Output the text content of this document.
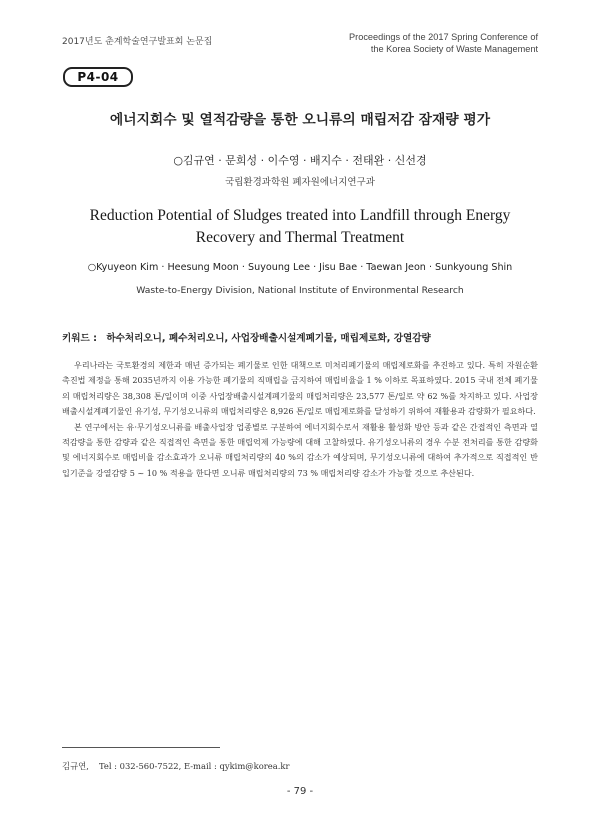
2017년도 춘계학술연구발표회 논문집	Proceedings of the 2017 Spring Conference of
the Korea Society of Waste Management
P4-04
에너지회수 및 열적감량을 통한 오니류의 매립저감 잠재량 평가
○김규연 · 문희성 · 이수영 · 배지수 · 전태완 · 신선경
국립환경과학원 폐자원에너지연구과
Reduction Potential of Sludges treated into Landfill through Energy
Recovery and Thermal Treatment
○Kyuyeon Kim · Heesung Moon · Suyoung Lee · Jisu Bae · Taewan Jeon · Sunkyoung Shin
Waste-to-Energy Division, National Institute of Environmental Research
키워드 : 하수처리오니, 폐수처리오니, 사업장배출시설계폐기물, 매립제로화, 강열감량

우리나라는 국토환경의 제한과 매년 증가되는 폐기물로 인한 대책으로 미처리폐기물의 매립제로화를 추진하고 있다. 특히 자원순환촉진법 제정을 통해 2035년까지 이용 가능한 폐기물의 직매립을 금지하여 매립비율을 1 % 이하로 목표하였다. 2015 국내 전체 폐기물의 매립처리량은 38,308 톤/일이며 이중 사업장배출시설계폐기물의 매립처리량은 23,577 톤/일로 약 62 %를 차지하고 있다. 사업장배출시설계폐기물인 유기성, 무기성오니류의 매립처리량은 8,926 톤/일로 매립제로화를 달성하기 위하여 재활용과 감량화가 필요하다.

본 연구에서는 유·무기성오니류를 배출사업장 업종별로 구분하여 에너지회수로서 재활용 활성화 방안 등과 같은 간접적인 측면과 열적감량을 통한 감량과 같은 직접적인 측면을 통한 매립억제 가능량에 대해 고찰하였다. 유기성오니류의 경우 수분 전처리를 통한 감량화 및 에너지회수로 매립비율 감소효과가 오니류 매립처리량의 40 %의 감소가 예상되며, 무기성오니류에 대하여 추가적으로 직접적인 반입기준을 강열감량 5 ~ 10 % 적용을 한다면 오니류 매립처리량의 73 % 매립처리량 감소가 가능할 것으로 추산된다.

김규연, Tel : 032-560-7522, E-mail : qykim@korea.kr
- 79 -
